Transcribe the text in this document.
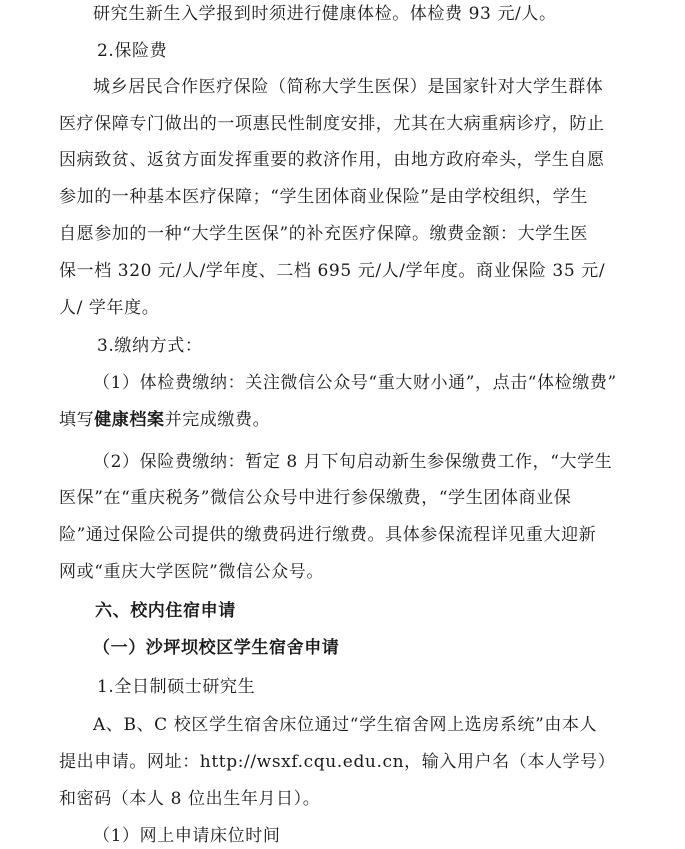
研究生新生入学报到时须进行健康体检。体检费 93 元/人。
2.保险费
城乡居民合作医疗保险（简称大学生医保）是国家针对大学生群体
医疗保障专门做出的一项惠民性制度安排，尤其在大病重病诊疗，防止
因病致贫、返贫方面发挥重要的救济作用，由地方政府牵头，学生自愿
参加的一种基本医疗保障；“学生团体商业保险”是由学校组织，学生
自愿参加的一种“大学生医保”的补充医疗保障。缴费金额：大学生医
保一档 320 元/人/学年度、二档 695 元/人/学年度。商业保险 35 元/
人/ 学年度。
3.缴纳方式：
（1）体检费缴纳：关注微信公众号“重大财小通”，点击“体检缴费”
填写健康档案并完成缴费。
（2）保险费缴纳：暂定 8 月下旬启动新生参保缴费工作，“大学生
医保”在“重庆税务”微信公众号中进行参保缴费，“学生团体商业保
险”通过保险公司提供的缴费码进行缴费。具体参保流程详见重大迎新
网或“重庆大学医院”微信公众号。
六、校内住宿申请
（一）沙坪坝校区学生宿舍申请
1.全日制硕士研究生
A、B、C 校区学生宿舍床位通过“学生宿舍网上选房系统”由本人
提出申请。网址：http://wsxf.cqu.edu.cn，输入用户名（本人学号）
和密码（本人 8 位出生年月日）。
（1）网上申请床位时间
